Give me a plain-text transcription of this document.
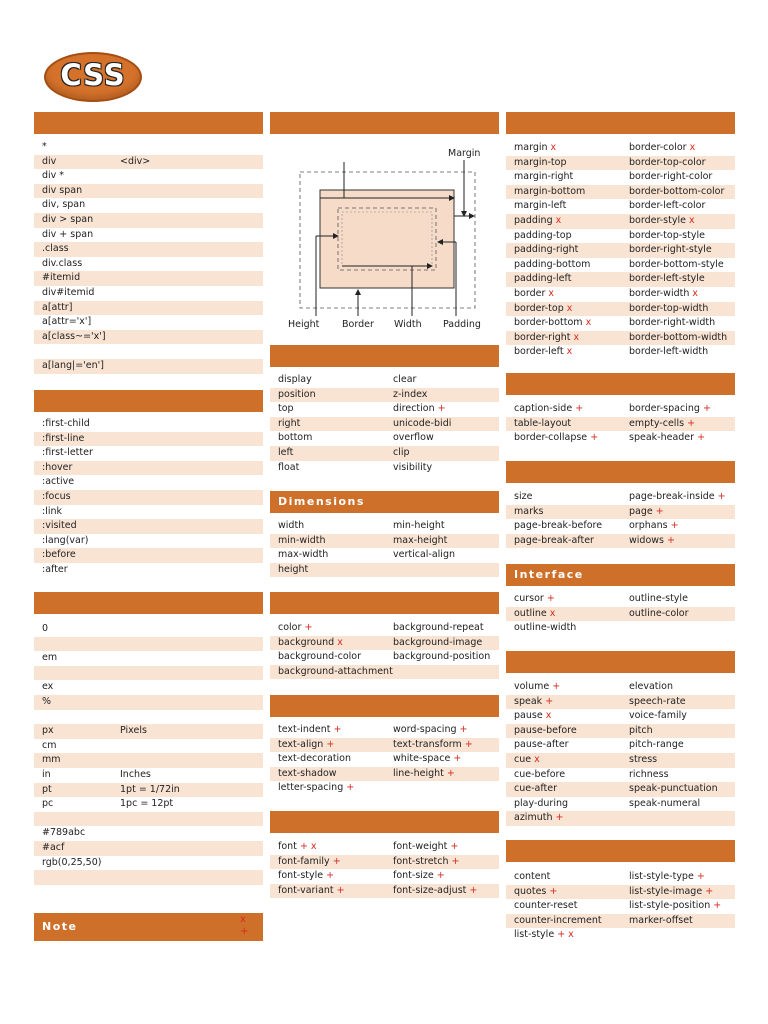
CSS
*
div	<div>
div *
div span
div, span
div > span
div + span
.class
div.class
#itemid
div#itemid
a[attr]
a[attr='x']
a[class~='x']
a[lang|='en']
:first-child
:first-line
:first-letter
:hover
:active
:focus
:link
:visited
:lang(var)
:before
:after
0
em
ex
%
px	Pixels
cm
mm
in	Inches
pt	1pt = 1/72in
pc	1pc = 12pt
#789abc
#acf
rgb(0,25,50)
Note
x
+
Margin
Height Border Width Padding
display	clear
position	z-index
top	direction +
right	unicode-bidi
bottom	overflow
left	clip
float	visibility
Dimensions
width	min-height
min-width	max-height
max-width	vertical-align
height
color +	background-repeat
background x	background-image
background-color	background-position
background-attachment
text-indent +	word-spacing +
text-align +	text-transform +
text-decoration	white-space +
text-shadow	line-height +
letter-spacing +
font + x	font-weight +
font-family +	font-stretch +
font-style +	font-size +
font-variant +	font-size-adjust +
margin x	border-color x
margin-top	border-top-color
margin-right	border-right-color
margin-bottom	border-bottom-color
margin-left	border-left-color
padding x	border-style x
padding-top	border-top-style
padding-right	border-right-style
padding-bottom	border-bottom-style
padding-left	border-left-style
border x	border-width x
border-top x	border-top-width
border-bottom x	border-right-width
border-right x	border-bottom-width
border-left x	border-left-width
caption-side +	border-spacing +
table-layout	empty-cells +
border-collapse +	speak-header +
size	page-break-inside +
marks	page +
page-break-before	orphans +
page-break-after	widows +
Interface
cursor +	outline-style
outline x	outline-color
outline-width
volume +	elevation
speak +	speech-rate
pause x	voice-family
pause-before	pitch
pause-after	pitch-range
cue x	stress
cue-before	richness
cue-after	speak-punctuation
play-during	speak-numeral
azimuth +
content	list-style-type +
quotes +	list-style-image +
counter-reset	list-style-position +
counter-increment	marker-offset
list-style + x
